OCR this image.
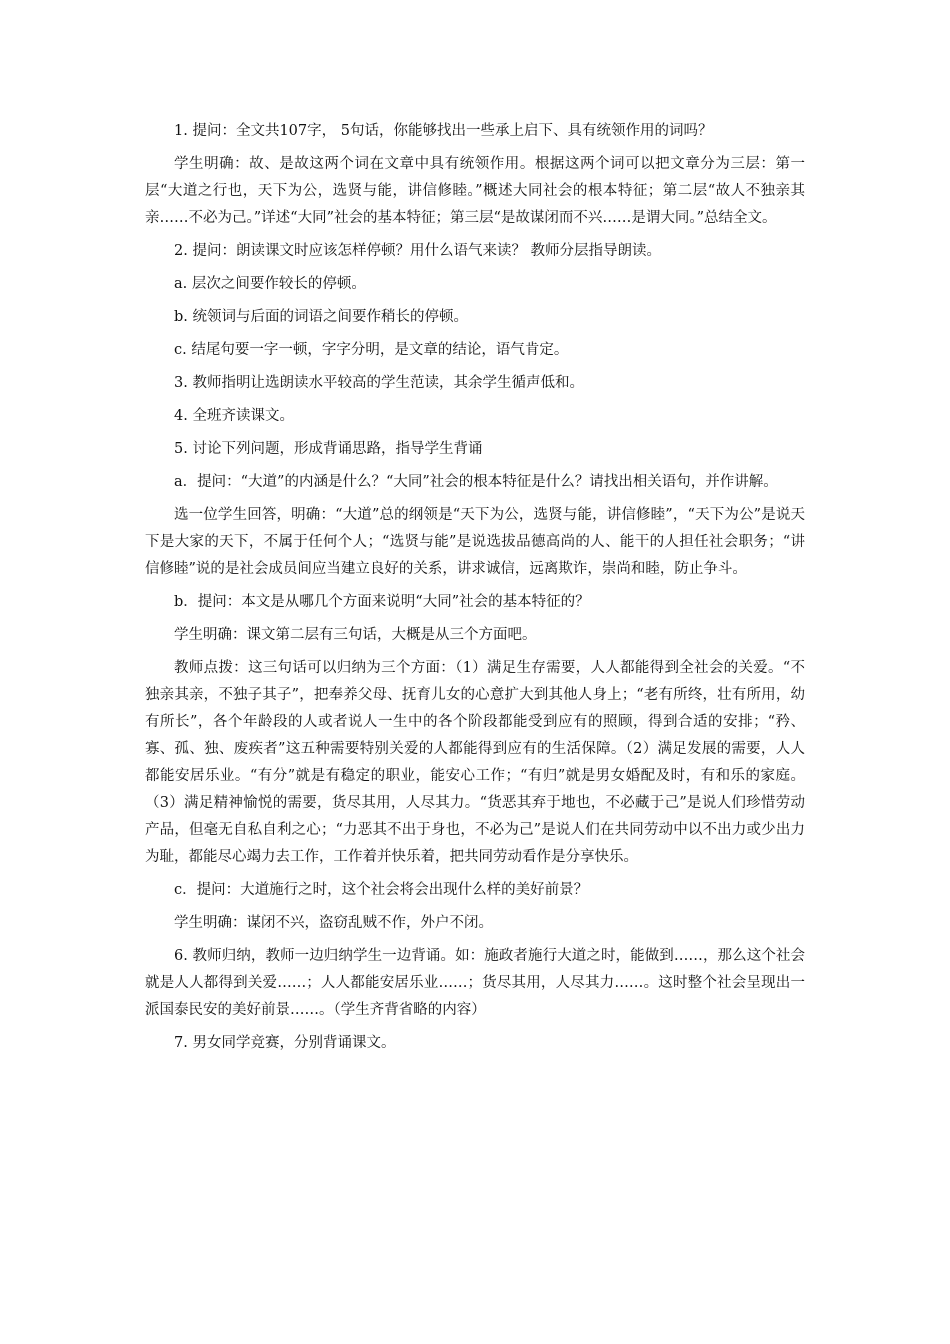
1. 提问：全文共107字， 5句话，你能够找出一些承上启下、具有统领作用的词吗？

学生明确：故、是故这两个词在文章中具有统领作用。根据这两个词可以把文章分为三层：第一层“大道之行也，天下为公，选贤与能，讲信修睦。”概述大同社会的根本特征；第二层“故人不独亲其亲……不必为己。”详述“大同”社会的基本特征；第三层“是故谋闭而不兴……是谓大同。”总结全文。

2. 提问：朗读课文时应该怎样停顿？用什么语气来读？ 教师分层指导朗读。

a. 层次之间要作较长的停顿。

b. 统领词与后面的词语之间要作稍长的停顿。

c. 结尾句要一字一顿，字字分明，是文章的结论，语气肯定。

3. 教师指明让选朗读水平较高的学生范读，其余学生循声低和。

4. 全班齐读课文。

5. 讨论下列问题，形成背诵思路，指导学生背诵

a．提问：“大道”的内涵是什么？“大同”社会的根本特征是什么？请找出相关语句，并作讲解。

选一位学生回答，明确：“大道”总的纲领是“天下为公，选贤与能，讲信修睦”，“天下为公”是说天下是大家的天下，不属于任何个人；“选贤与能”是说选拔品德高尚的人、能干的人担任社会职务；“讲信修睦”说的是社会成员间应当建立良好的关系，讲求诚信，远离欺诈，崇尚和睦，防止争斗。

b．提问：本文是从哪几个方面来说明“大同”社会的基本特征的？

学生明确：课文第二层有三句话，大概是从三个方面吧。

教师点拨：这三句话可以归纳为三个方面：（1）满足生存需要，人人都能得到全社会的关爱。“不独亲其亲，不独子其子”，把奉养父母、抚育儿女的心意扩大到其他人身上；“老有所终，壮有所用，幼有所长”，各个年龄段的人或者说人一生中的各个阶段都能受到应有的照顾，得到合适的安排；“矜、寡、孤、独、废疾者”这五种需要特别关爱的人都能得到应有的生活保障。（2）满足发展的需要，人人都能安居乐业。“有分”就是有稳定的职业，能安心工作；“有归”就是男女婚配及时，有和乐的家庭。（3）满足精神愉悦的需要，货尽其用，人尽其力。“货恶其弃于地也，不必藏于己”是说人们珍惜劳动产品，但毫无自私自利之心；“力恶其不出于身也，不必为己”是说人们在共同劳动中以不出力或少出力为耻，都能尽心竭力去工作，工作着并快乐着，把共同劳动看作是分享快乐。

c．提问：大道施行之时，这个社会将会出现什么样的美好前景？

学生明确：谋闭不兴，盗窃乱贼不作，外户不闭。

6. 教师归纳，教师一边归纳学生一边背诵。如：施政者施行大道之时，能做到……，那么这个社会就是人人都得到关爱……；人人都能安居乐业……；货尽其用，人尽其力……。这时整个社会呈现出一派国泰民安的美好前景……。（学生齐背省略的内容）

7. 男女同学竞赛，分别背诵课文。
